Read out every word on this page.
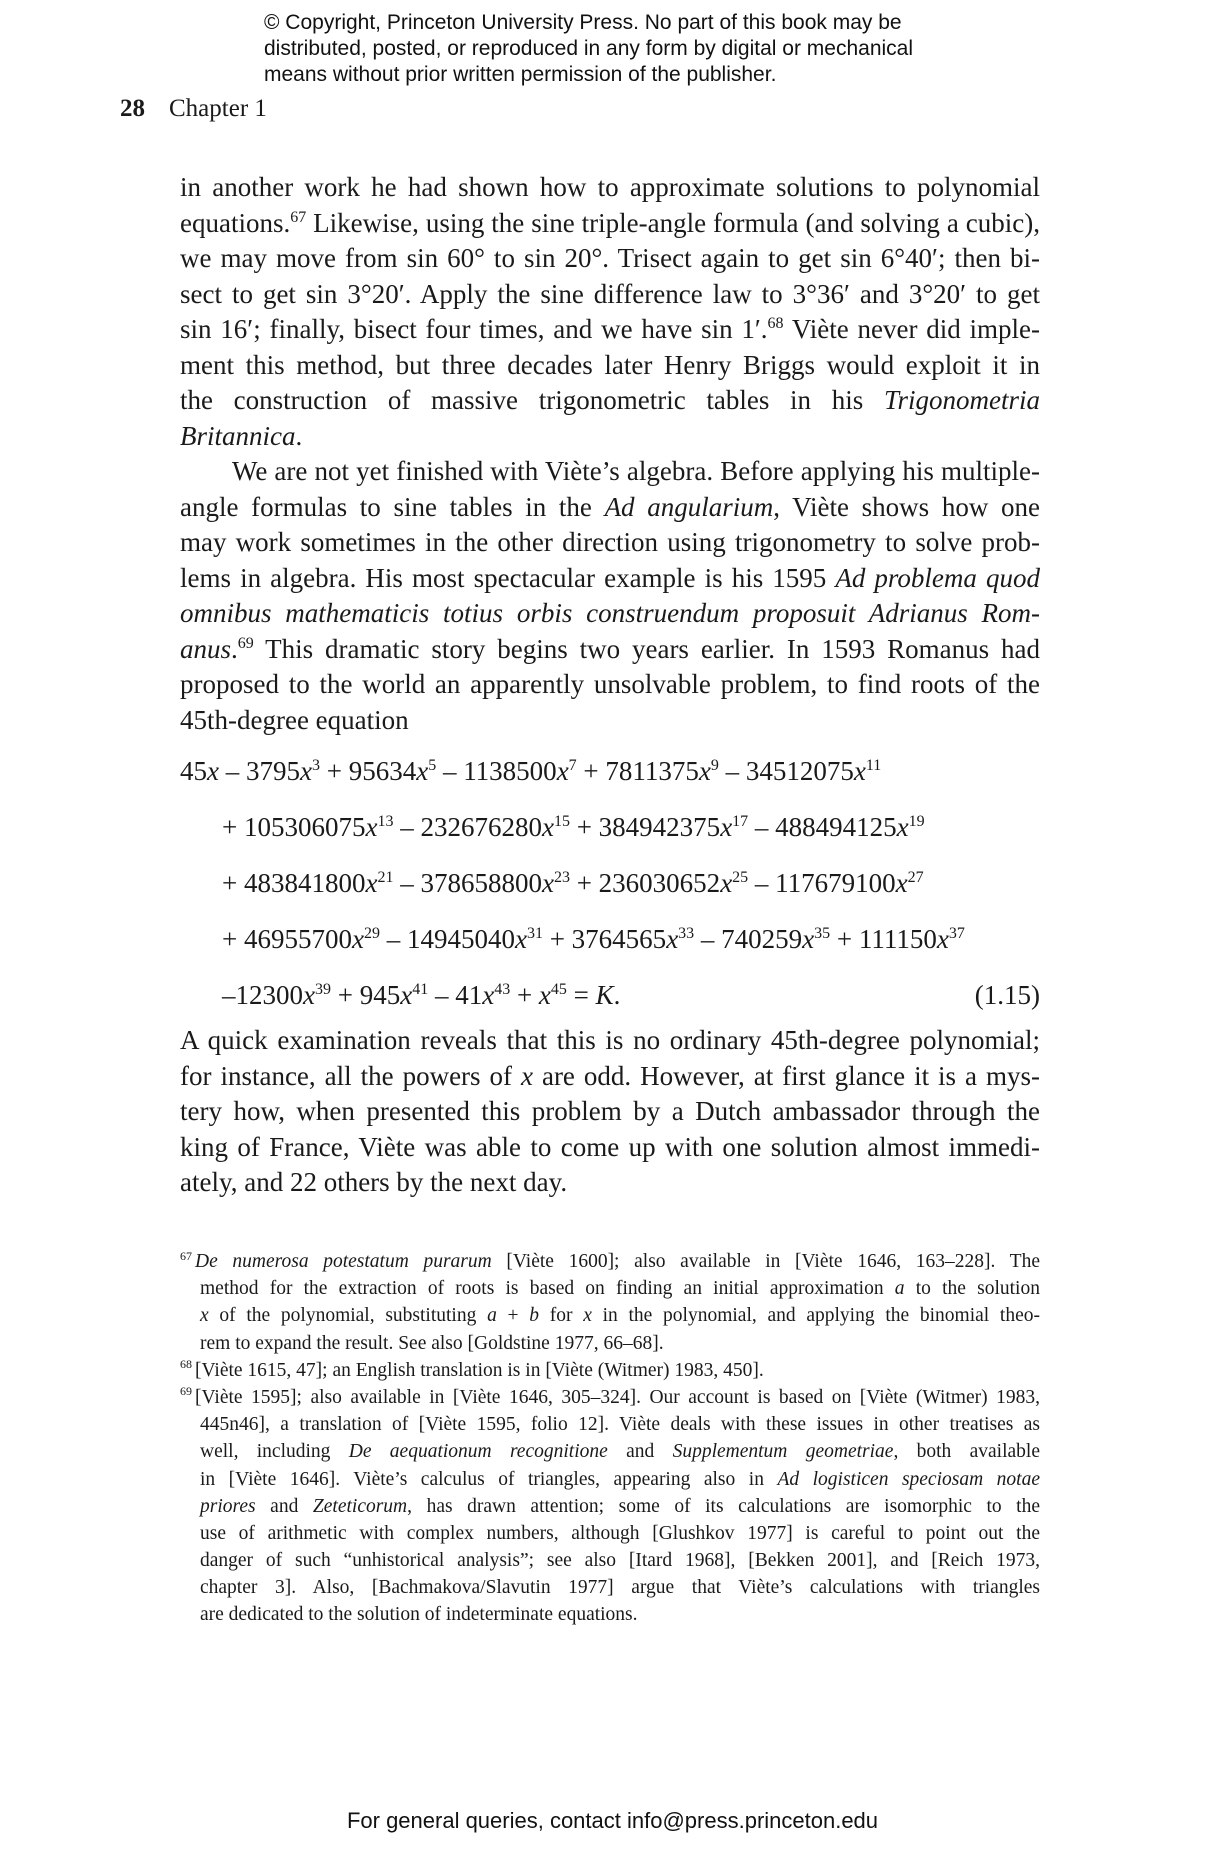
© Copyright, Princeton University Press. No part of this book may be
distributed, posted, or reproduced in any form by digital or mechanical
means without prior written permission of the publisher.
28 Chapter 1
in another work he had shown how to approximate solutions to polynomial
equations.$^{67}$ Likewise, using the sine triple-angle formula (and solving a cubic),
we may move from sin 60° to sin 20°. Trisect again to get sin 6°40′; then bi-
sect to get sin 3°20′. Apply the sine difference law to 3°36′ and 3°20′ to get
sin 16′; finally, bisect four times, and we have sin 1′.$^{68}$ Viète never did imple-
ment this method, but three decades later Henry Briggs would exploit it in
the construction of massive trigonometric tables in his Trigonometria
Britannica.
We are not yet finished with Viète’s algebra. Before applying his multiple-
angle formulas to sine tables in the Ad angularium, Viète shows how one
may work sometimes in the other direction using trigonometry to solve prob-
lems in algebra. His most spectacular example is his 1595 Ad problema quod
omnibus mathematicis totius orbis construendum proposuit Adrianus Rom-
anus.$^{69}$ This dramatic story begins two years earlier. In 1593 Romanus had
proposed to the world an apparently unsolvable problem, to find roots of the
45th-degree equation
$45x - 3795x^3 + 95634x^5 - 1138500x^7 + 7811375x^9 - 34512075x^{11}$
+ $105306075x^{13} - 232676280x^{15} + 384942375x^{17} - 488494125x^{19}$
+ $483841800x^{21} - 378658800x^{23} + 236030652x^{25} - 117679100x^{27}$
+ $46955700x^{29} - 14945040x^{31} + 3764565x^{33} - 740259x^{35} + 111150x^{37}$
$-12300x^{39} + 945x^{41} - 41x^{43} + x^{45} = K$.	(1.15)
A quick examination reveals that this is no ordinary 45th-degree polynomial;
for instance, all the powers of x are odd. However, at first glance it is a mys-
tery how, when presented this problem by a Dutch ambassador through the
king of France, Viète was able to come up with one solution almost immedi-
ately, and 22 others by the next day.
$^{67}$ De numerosa potestatum purarum [Viète 1600]; also available in [Viète 1646, 163–228]. The
method for the extraction of roots is based on finding an initial approximation a to the solution
x of the polynomial, substituting a + b for x in the polynomial, and applying the binomial theo-
rem to expand the result. See also [Goldstine 1977, 66–68].
$^{68}$ [Viète 1615, 47]; an English translation is in [Viète (Witmer) 1983, 450].
$^{69}$ [Viète 1595]; also available in [Viète 1646, 305–324]. Our account is based on [Viète (Witmer) 1983,
445n46], a translation of [Viète 1595, folio 12]. Viète deals with these issues in other treatises as
well, including De aequationum recognitione and Supplementum geometriae, both available
in [Viète 1646]. Viète’s calculus of triangles, appearing also in Ad logisticen speciosam notae
priores and Zeteticorum, has drawn attention; some of its calculations are isomorphic to the
use of arithmetic with complex numbers, although [Glushkov 1977] is careful to point out the
danger of such “unhistorical analysis”; see also [Itard 1968], [Bekken 2001], and [Reich 1973,
chapter 3]. Also, [Bachmakova/Slavutin 1977] argue that Viète’s calculations with triangles
are dedicated to the solution of indeterminate equations.
For general queries, contact info@press.princeton.edu
